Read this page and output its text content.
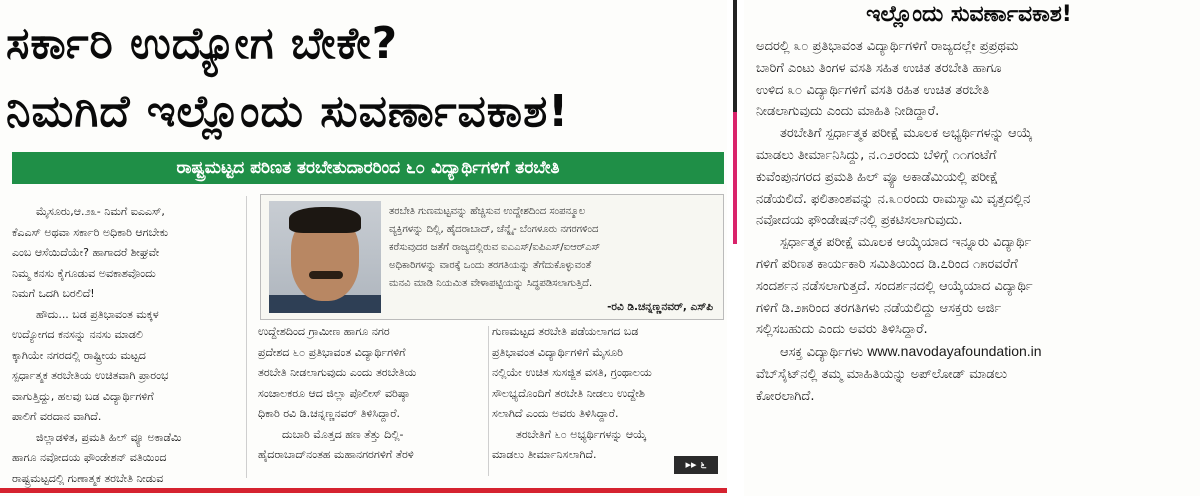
ಸರ್ಕಾರಿ ಉದ್ಯೋಗ ಬೇಕೇ?
ನಿಮಗಿದೆ ಇಲ್ಲೊಂದು ಸುವರ್ಣಾವಕಾಶ!
ರಾಷ್ಟ್ರಮಟ್ಟದ ಪರಿಣತ ತರಬೇತುದಾರರಿಂದ ೬೦ ವಿದ್ಯಾರ್ಥಿಗಳಿಗೆ ತರಬೇತಿ

ಮೈಸೂರು,ಆ.೨೩- ನಿಮಗೆ ಐಎಎಸ್,

ಕೆಎಎಸ್ ಅಥವಾ ಸರ್ಕಾರಿ ಅಧಿಕಾರಿ ಆಗಬೇಕು

ಎಂಬ ಆಸೆಯಿದೆಯೇ? ಹಾಗಾದರೆ ಶೀಘ್ರವೇ

ನಿಮ್ಮ ಕನಸು ಕೈಗೂಡುವ ಅವಕಾಶವೊಂದು

ನಿಮಗೆ ಒದಗಿ ಬರಲಿದೆ!

ಹೌದು... ಬಡ ಪ್ರತಿಭಾವಂತ ಮಕ್ಕಳ

ಉದ್ಯೋಗದ ಕನಸನ್ನು ನನಸು ಮಾಡಲಿ

ಕ್ಕಾಗಿಯೇ ನಗರದಲ್ಲಿ ರಾಷ್ಟ್ರೀಯ ಮಟ್ಟದ

ಸ್ಪರ್ಧಾತ್ಮಕ ತರಬೇತಿಯ ಉಚಿತವಾಗಿ ಪ್ರಾರಂಭ

ವಾಗುತ್ತಿದ್ದು, ಹಲವು ಬಡ ವಿದ್ಯಾರ್ಥಿಗಳಿಗೆ

ಪಾಲಿಗೆ ವರದಾನ ವಾಗಿದೆ.

ಜಿಲ್ಲಾಡಳಿತ, ಪ್ರಮತಿ ಹಿಲ್ ವ್ಯೂ ಅಕಾಡೆಮಿ

ಹಾಗೂ ನವೋದಯ ಫೌಂಡೇಶನ್ ವತಿಯಿಂದ

ರಾಷ್ಟ್ರಮಟ್ಟದಲ್ಲಿ ಗುಣಾತ್ಮಕ ತರಬೇತಿ ನೀಡುವ

ತರಬೇತಿ ಗುಣಮಟ್ಟವನ್ನು ಹೆಚ್ಚಿಸುವ ಉದ್ದೇಶದಿಂದ ಸಂಪನ್ಮೂಲ

ವ್ಯಕ್ತಿಗಳನ್ನು ದಿಲ್ಲಿ, ಹೈದರಾಬಾದ್, ಚೆನ್ನೈ- ಬೆಂಗಳೂರು ನಗರಗಳಿಂದ

ಕರೆಸುವುದರ ಜತೆಗೆ ರಾಜ್ಯದಲ್ಲಿರುವ ಐಎಎಸ್/ಐಪಿಎಸ್/ಐಆರ್‌ಎಸ್

ಅಧಿಕಾರಿಗಳನ್ನು ವಾರಕ್ಕೆ ಒಂದು ತರಗತಿಯನ್ನು ತೆಗೆದುಕೊಳ್ಳುವಂತೆ

ಮನವಿ ಮಾಡಿ ನಿಯಮಿತ ವೇಳಾಪಟ್ಟಿಯನ್ನು ಸಿದ್ಧಪಡಿಸಲಾಗುತ್ತಿದೆ.

-ರವಿ ಡಿ.ಚನ್ನಣ್ಣನವರ್, ಎಸ್‌ಪಿ

ಉದ್ದೇಶದಿಂದ ಗ್ರಾಮೀಣ ಹಾಗೂ ನಗರ

ಪ್ರದೇಶದ ೬೦ ಪ್ರತಿಭಾವಂತ ವಿದ್ಯಾರ್ಥಿಗಳಿಗೆ

ತರಬೇತಿ ನೀಡಲಾಗುವುದು ಎಂದು ತರಬೇತಿಯ

ಸಂಚಾಲಕರೂ ಆದ ಜಿಲ್ಲಾ ಪೊಲೀಸ್ ವರಿಷ್ಠಾ

ಧಿಕಾರಿ ರವಿ ಡಿ.ಚನ್ನಣ್ಣನವರ್ ತಿಳಿಸಿದ್ದಾರೆ.

ದುಬಾರಿ ಮೊತ್ತದ ಹಣ ತೆತ್ತು ದಿಲ್ಲಿ-

ಹೈದರಾಬಾದ್‌ನಂತಹ ಮಹಾನಗರಗಳಿಗೆ ತೆರಳಿ

ಗುಣಮಟ್ಟದ ತರಬೇತಿ ಪಡೆಯಲಾಗದ ಬಡ

ಪ್ರತಿಭಾವಂತ ವಿದ್ಯಾರ್ಥಿಗಳಿಗೆ ಮೈಸೂರಿ

ನಲ್ಲಿಯೇ ಉಚಿತ ಸುಸಜ್ಜಿತ ವಸತಿ, ಗ್ರಂಥಾಲಯ

ಸೌಲಭ್ಯದೊಂದಿಗೆ ತರಬೇತಿ ನೀಡಲು ಉದ್ದೇಶಿ

ಸಲಾಗಿದೆ ಎಂದು ಅವರು ತಿಳಿಸಿದ್ದಾರೆ.

ತರಬೇತಿಗೆ ೬೦ ಅಭ್ಯರ್ಥಿಗಳನ್ನು ಆಯ್ಕೆ

ಮಾಡಲು ತೀರ್ಮಾನಿಸಲಾಗಿದೆ.

▸▸ ೬
ಇಲ್ಲೊಂದು ಸುವರ್ಣಾವಕಾಶ!

ಅದರಲ್ಲಿ ೩೦ ಪ್ರತಿಭಾವಂತ ವಿದ್ಯಾರ್ಥಿಗಳಿಗೆ ರಾಜ್ಯದಲ್ಲೇ ಪ್ರಪ್ರಥಮ

ಬಾರಿಗೆ ಎಂಟು ತಿಂಗಳ ವಸತಿ ಸಹಿತ ಉಚಿತ ತರಬೇತಿ ಹಾಗೂ

ಉಳಿದ ೩೦ ವಿದ್ಯಾರ್ಥಿಗಳಿಗೆ ವಸತಿ ರಹಿತ ಉಚಿತ ತರಬೇತಿ

ನೀಡಲಾಗುವುದು ಎಂದು ಮಾಹಿತಿ ನೀಡಿದ್ದಾರೆ.

ತರಬೇತಿಗೆ ಸ್ಪರ್ಧಾತ್ಮಕ ಪರೀಕ್ಷೆ ಮೂಲಕ ಅಭ್ಯರ್ಥಿಗಳನ್ನು ಆಯ್ಕೆ

ಮಾಡಲು ತೀರ್ಮಾನಿಸಿದ್ದು, ನ.೧೨ರಂದು ಬೆಳಿಗ್ಗೆ ೧೧ಗಂಟೆಗೆ

ಕುವೆಂಪುನಗರದ ಪ್ರಮತಿ ಹಿಲ್ ವ್ಯೂ ಅಕಾಡೆಮಿಯಲ್ಲಿ ಪರೀಕ್ಷೆ

ನಡೆಯಲಿದೆ. ಫಲಿತಾಂಶವನ್ನು ನ.೩೦ರಂದು ರಾಮಸ್ವಾಮಿ ವೃತ್ತದಲ್ಲಿನ

ನವೋದಯ ಫೌಂಡೇಷನ್‌ನಲ್ಲಿ ಪ್ರಕಟಿಸಲಾಗುವುದು.

ಸ್ಪರ್ಧಾತ್ಮಕ ಪರೀಕ್ಷೆ ಮೂಲಕ ಆಯ್ಕೆಯಾದ ಇನ್ನೂರು ವಿದ್ಯಾರ್ಥಿ

ಗಳಿಗೆ ಪರಿಣತ ಕಾರ್ಯಕಾರಿ ಸಮಿತಿಯಿಂದ ಡಿ.೭ರಿಂದ ೧೫ರವರೆಗೆ

ಸಂದರ್ಶನ ನಡೆಸಲಾಗುತ್ತದೆ. ಸಂದರ್ಶನದಲ್ಲಿ ಆಯ್ಕೆಯಾದ ವಿದ್ಯಾರ್ಥಿ

ಗಳಿಗೆ ಡಿ.೨೫ರಿಂದ ತರಗತಿಗಳು ನಡೆಯಲಿದ್ದು ಆಸಕ್ತರು ಅರ್ಜಿ

ಸಲ್ಲಿಸಬಹುದು ಎಂದು ಅವರು ತಿಳಿಸಿದ್ದಾರೆ.

ಆಸಕ್ತ ವಿದ್ಯಾರ್ಥಿಗಳು www.navodayafoundation.in

ವೆಬ್‌ಸೈಟ್‌ನಲ್ಲಿ ತಮ್ಮ ಮಾಹಿತಿಯನ್ನು ಅಪ್‌ಲೋಡ್ ಮಾಡಲು

ಕೋರಲಾಗಿದೆ.
